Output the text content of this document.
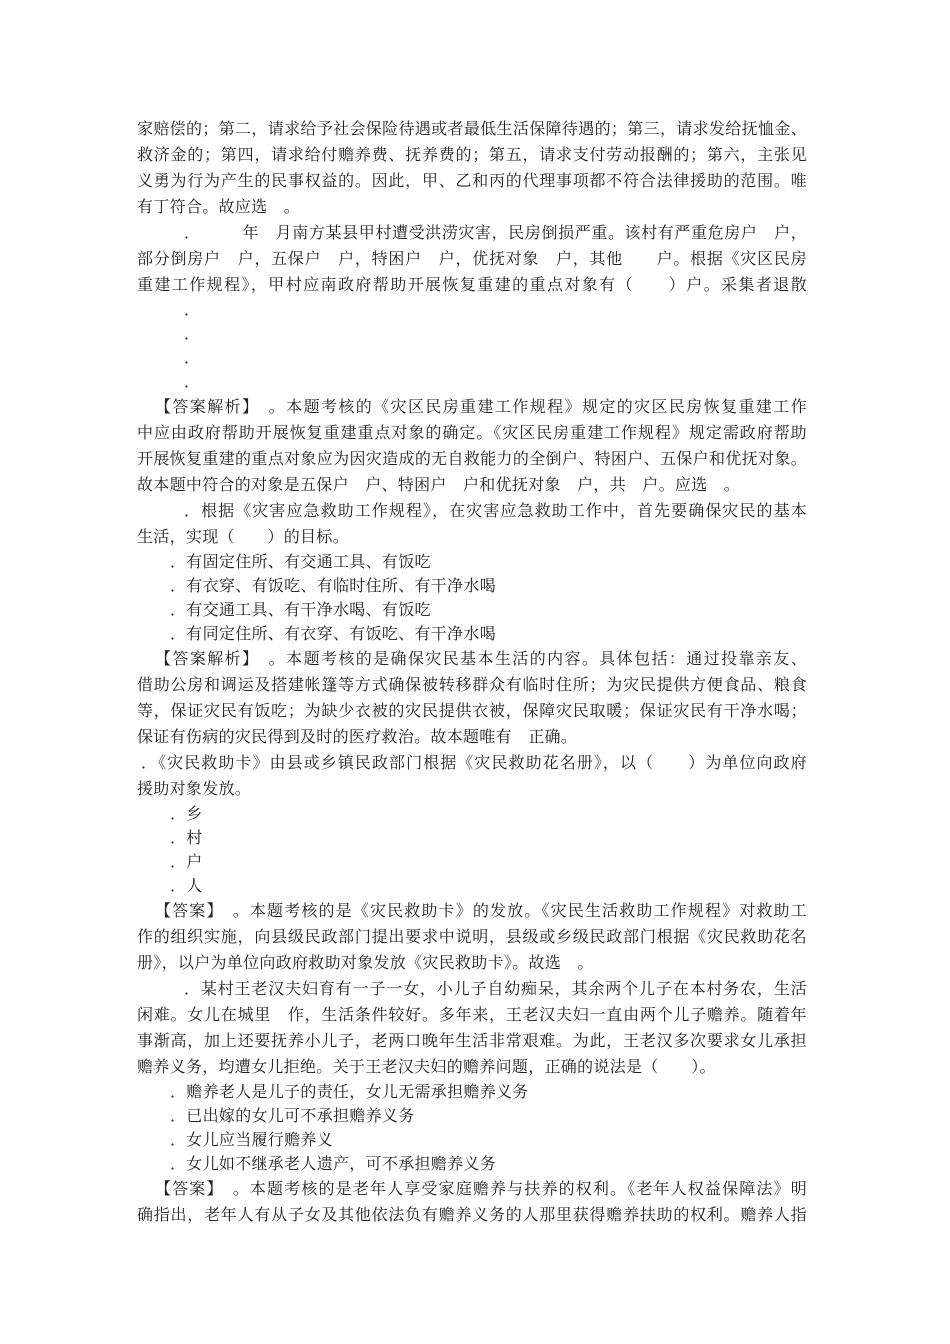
家赔偿的；第二，请求给予社会保险待遇或者最低生活保障待遇的；第三，请求发给抚恤金、
救济金的；第四，请求给付赡养费、抚养费的；第五，请求支付劳动报酬的；第六，主张见
义勇为行为产生的民事权益的。因此，甲、乙和丙的代理事项都不符合法律援助的范围。唯
有丁符合。故应选　。
．　　　年　月南方某县甲村遭受洪涝灾害，民房倒损严重。该村有严重危房户　户，
部分倒房户　户，五保户　户，特困户　户，优抚对象　户，其他　　户。根据《灾区民房
重建工作规程》，甲村应南政府帮助开展恢复重建的重点对象有（　　）户。采集者退散
．
．
．
．
【答案解析】　。本题考核的《灾区民房重建工作规程》规定的灾区民房恢复重建工作
中应由政府帮助开展恢复重建重点对象的确定。《灾区民房重建工作规程》规定需政府帮助
开展恢复重建的重点对象应为因灾造成的无自救能力的全倒户、特困户、五保户和优抚对象。
故本题中符合的对象是五保户　户、特困户　户和优抚对象　户，共　户。应选　。
．根据《灾害应急救助工作规程》，在灾害应急救助工作中，首先要确保灾民的基本
生活，实现（　　）的目标。
．有固定住所、有交通工具、有饭吃
．有衣穿、有饭吃、有临时住所、有干净水喝
．有交通工具、有干净水喝、有饭吃
．有同定住所、有衣穿、有饭吃、有干净水喝
【答案解析】　。本题考核的是确保灾民基本生活的内容。具体包括：通过投靠亲友、
借助公房和调运及搭建帐篷等方式确保被转移群众有临时住所；为灾民提供方便食品、粮食
等，保证灾民有饭吃；为缺少衣被的灾民提供衣被，保障灾民取暖；保证灾民有干净水喝；
保证有伤病的灾民得到及时的医疗救治。故本题唯有　正确。
．《灾民救助卡》由县或乡镇民政部门根据《灾民救助花名册》，以（　　）为单位向政府
援助对象发放。
．乡
．村
．户
．人
【答案】　。本题考核的是《灾民救助卡》的发放。《灾民生活救助工作规程》对救助工
作的组织实施，向县级民政部门提出要求中说明，县级或乡级民政部门根据《灾民救助花名
册》，以户为单位向政府救助对象发放《灾民救助卡》。故选　。
．某村王老汉夫妇育有一子一女，小儿子自幼痴呆，其余两个儿子在本村务农，生活
闲难。女儿在城里　作，生活条件较好。多年来，王老汉夫妇一直由两个儿子赡养。随着年
事渐高，加上还要抚养小儿子，老两口晚年生活非常艰难。为此，王老汉多次要求女儿承担
赡养义务，均遭女儿拒绝。关于王老汉夫妇的赡养问题，正确的说法是（　　）。
．赡养老人是儿子的责任，女儿无需承担赡养义务
．已出嫁的女儿可不承担赡养义务
．女儿应当履行赡养义
．女儿如不继承老人遗产，可不承担赡养义务
【答案】　。本题考核的是老年人享受家庭赡养与扶养的权利。《老年人权益保障法》明
确指出，老年人有从子女及其他依法负有赡养义务的人那里获得赡养扶助的权利。赡养人指
